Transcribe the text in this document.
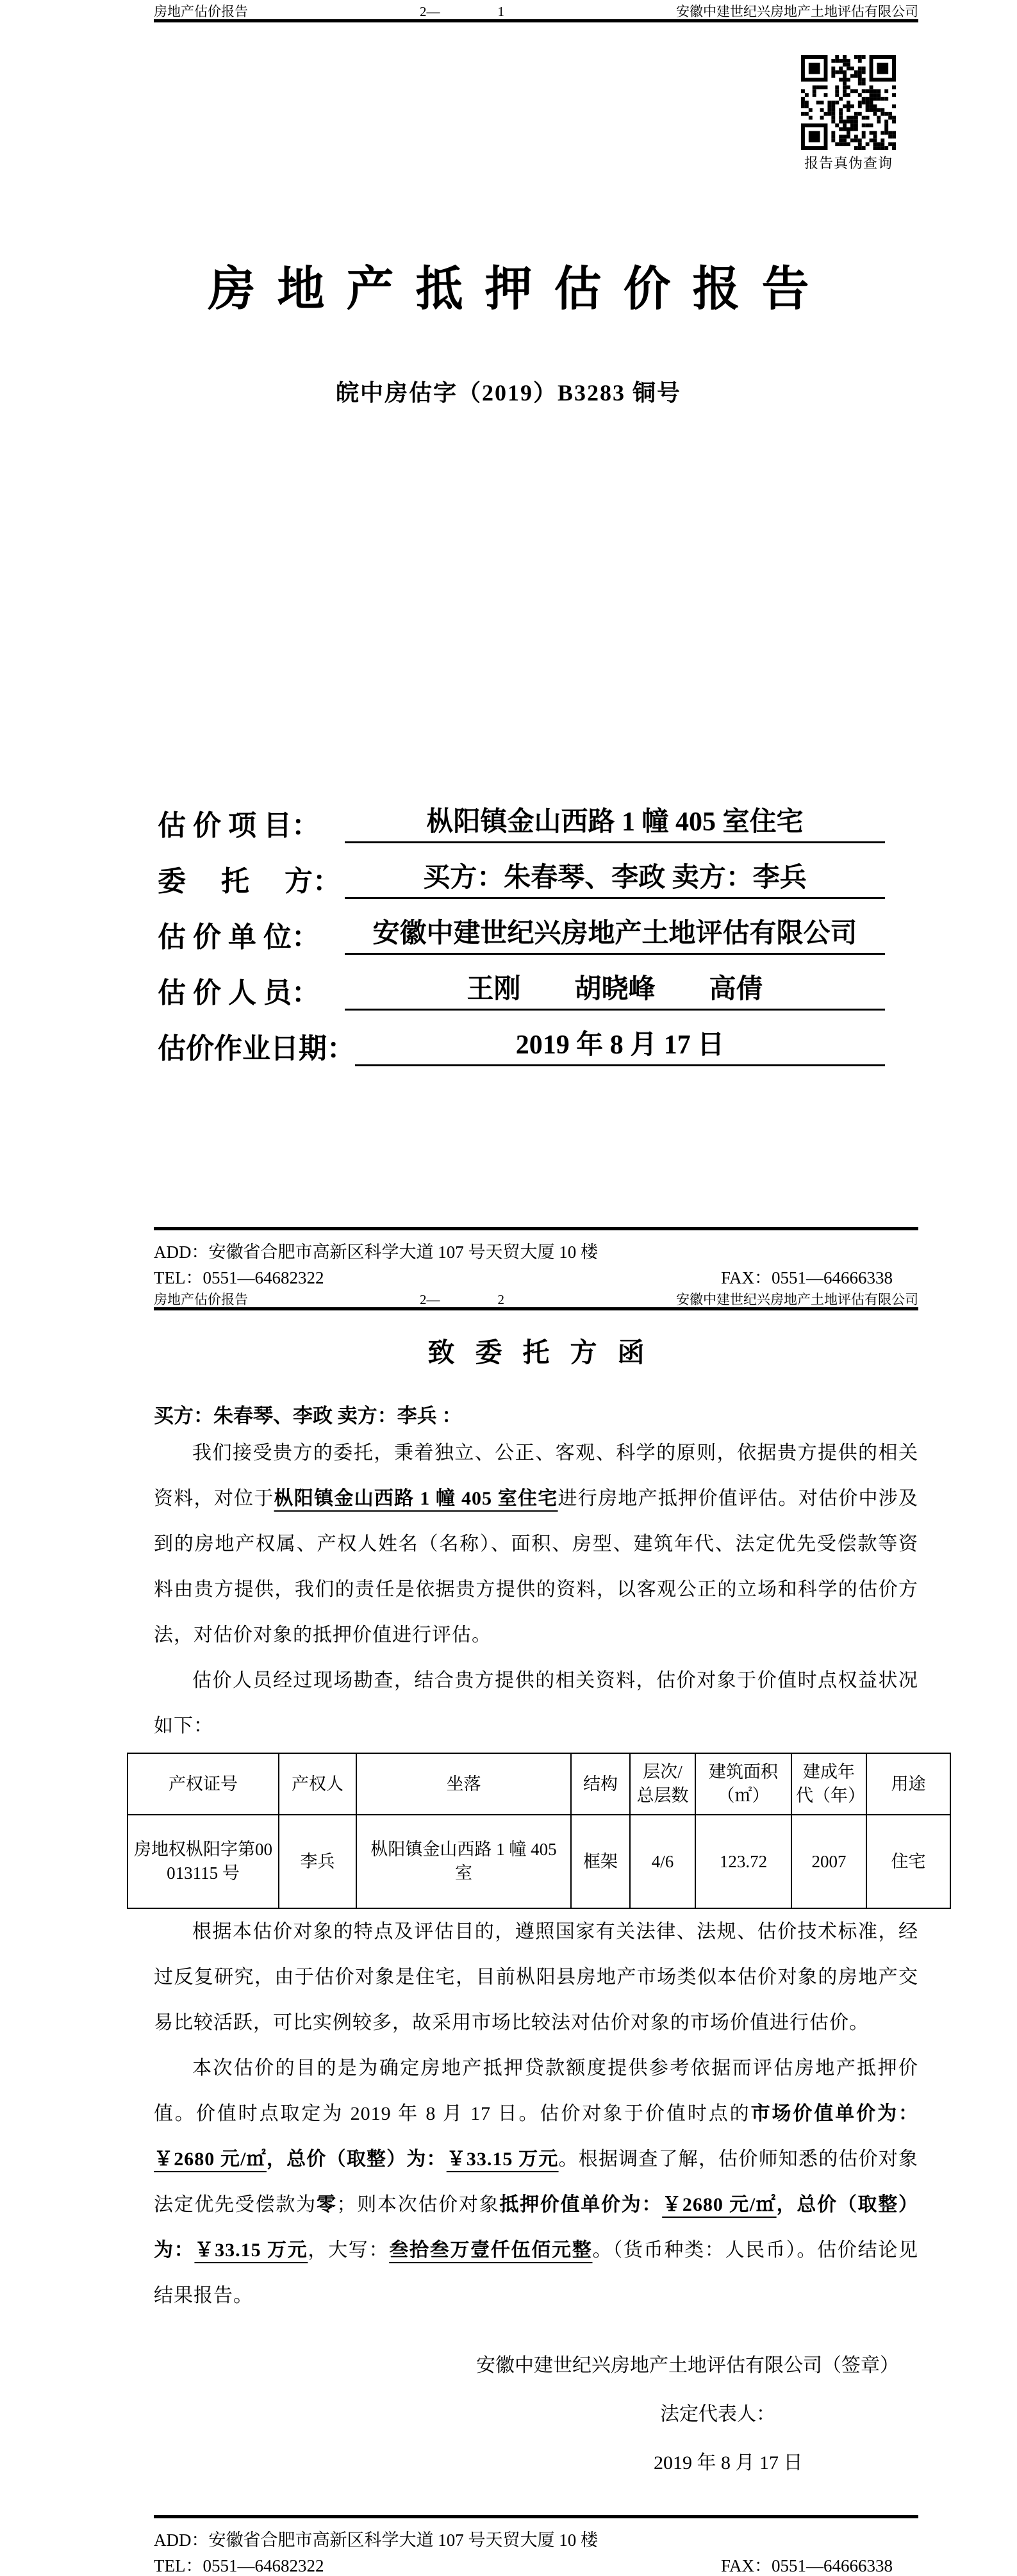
房地产估价报告	2—	1	安徽中建世纪兴房地产土地评估有限公司
报告真伪查询
房地产抵押估价报告
皖中房估字（2019）B3283 铜号
估 价 项 目：	枞阳镇金山西路 1 幢 405 室住宅
委　 托 　方：	买方：朱春琴、李政 卖方：李兵
估 价 单 位：	安徽中建世纪兴房地产土地评估有限公司
估 价 人 员：	王刚　　胡晓峰　　高倩
估价作业日期：	2019 年 8 月 17 日
ADD：安徽省合肥市高新区科学大道 107 号天贸大厦 10 楼
TEL：0551—64682322	FAX：0551—64666338
房地产估价报告	2—	2	安徽中建世纪兴房地产土地评估有限公司
致委托方函
买方：朱春琴、李政 卖方：李兵 ：

我们接受贵方的委托，秉着独立、公正、客观、科学的原则，依据贵方提供的相关资料，对位于枞阳镇金山西路 1 幢 405 室住宅进行房地产抵押价值评估。对估价中涉及到的房地产权属、产权人姓名（名称）、面积、房型、建筑年代、法定优先受偿款等资料由贵方提供，我们的责任是依据贵方提供的资料，以客观公正的立场和科学的估价方法，对估价对象的抵押价值进行评估。

估价人员经过现场勘查，结合贵方提供的相关资料，估价对象于价值时点权益状况如下：

产权证号	产权人	坐落	结构	层次/总层数	建筑面积（㎡）	建成年代（年）	用途
房地权枞阳字第00013115 号	李兵	枞阳镇金山西路 1 幢 405 室	框架	4/6	123.72	2007	住宅

根据本估价对象的特点及评估目的，遵照国家有关法律、法规、估价技术标准，经过反复研究，由于估价对象是住宅，目前枞阳县房地产市场类似本估价对象的房地产交易比较活跃，可比实例较多，故采用市场比较法对估价对象的市场价值进行估价。

本次估价的目的是为确定房地产抵押贷款额度提供参考依据而评估房地产抵押价值。价值时点取定为 2019 年 8 月 17 日。估价对象于价值时点的市场价值单价为：￥2680 元/㎡，总价（取整）为：￥33.15 万元。根据调查了解，估价师知悉的估价对象法定优先受偿款为零；则本次估价对象抵押价值单价为：￥2680 元/㎡，总价（取整）为：￥33.15 万元，大写：叁拾叁万壹仟伍佰元整。（货币种类：人民币）。估价结论见结果报告。

安徽中建世纪兴房地产土地评估有限公司（签章）
法定代表人：
2019 年 8 月 17 日
ADD：安徽省合肥市高新区科学大道 107 号天贸大厦 10 楼
TEL：0551—64682322	FAX：0551—64666338
